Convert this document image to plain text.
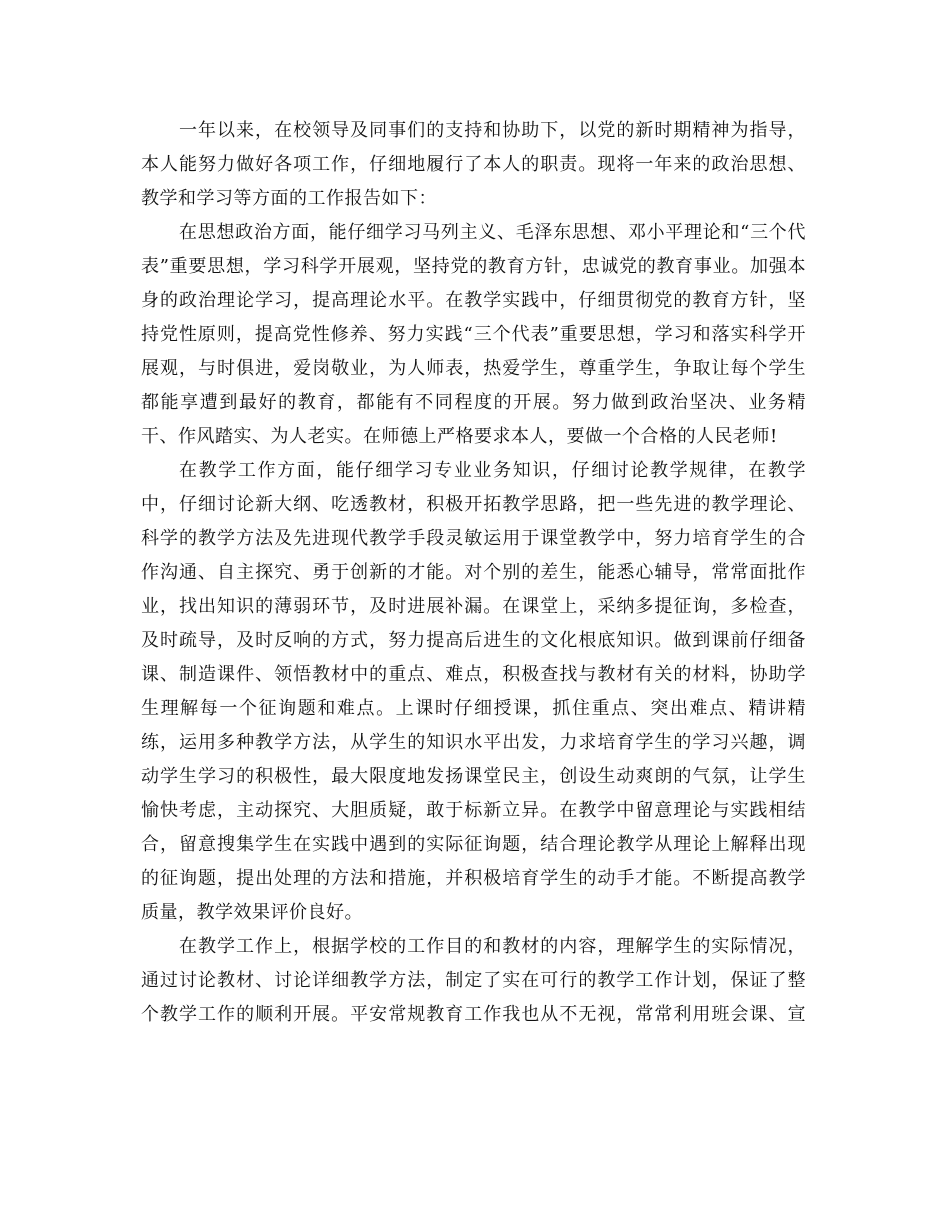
一年以来，在校领导及同事们的支持和协助下，以党的新时期精神为指导，
本人能努力做好各项工作，仔细地履行了本人的职责。现将一年来的政治思想、
教学和学习等方面的工作报告如下：
在思想政治方面，能仔细学习马列主义、毛泽东思想、邓小平理论和“三个代
表”重要思想，学习科学开展观，坚持党的教育方针，忠诚党的教育事业。加强本
身的政治理论学习，提高理论水平。在教学实践中，仔细贯彻党的教育方针，坚
持党性原则，提高党性修养、努力实践“三个代表”重要思想，学习和落实科学开
展观，与时俱进，爱岗敬业，为人师表，热爱学生，尊重学生，争取让每个学生
都能享遭到最好的教育，都能有不同程度的开展。努力做到政治坚决、业务精
干、作风踏实、为人老实。在师德上严格要求本人，要做一个合格的人民老师!
在教学工作方面，能仔细学习专业业务知识，仔细讨论教学规律，在教学
中，仔细讨论新大纲、吃透教材，积极开拓教学思路，把一些先进的教学理论、
科学的教学方法及先进现代教学手段灵敏运用于课堂教学中，努力培育学生的合
作沟通、自主探究、勇于创新的才能。对个别的差生，能悉心辅导，常常面批作
业，找出知识的薄弱环节，及时进展补漏。在课堂上，采纳多提征询，多检查，
及时疏导，及时反响的方式，努力提高后进生的文化根底知识。做到课前仔细备
课、制造课件、领悟教材中的重点、难点，积极查找与教材有关的材料，协助学
生理解每一个征询题和难点。上课时仔细授课，抓住重点、突出难点、精讲精
练，运用多种教学方法，从学生的知识水平出发，力求培育学生的学习兴趣，调
动学生学习的积极性，最大限度地发扬课堂民主，创设生动爽朗的气氛，让学生
愉快考虑，主动探究、大胆质疑，敢于标新立异。在教学中留意理论与实践相结
合，留意搜集学生在实践中遇到的实际征询题，结合理论教学从理论上解释出现
的征询题，提出处理的方法和措施，并积极培育学生的动手才能。不断提高教学
质量，教学效果评价良好。
在教学工作上，根据学校的工作目的和教材的内容，理解学生的实际情况，
通过讨论教材、讨论详细教学方法，制定了实在可行的教学工作计划，保证了整
个教学工作的顺利开展。平安常规教育工作我也从不无视，常常利用班会课、宣
